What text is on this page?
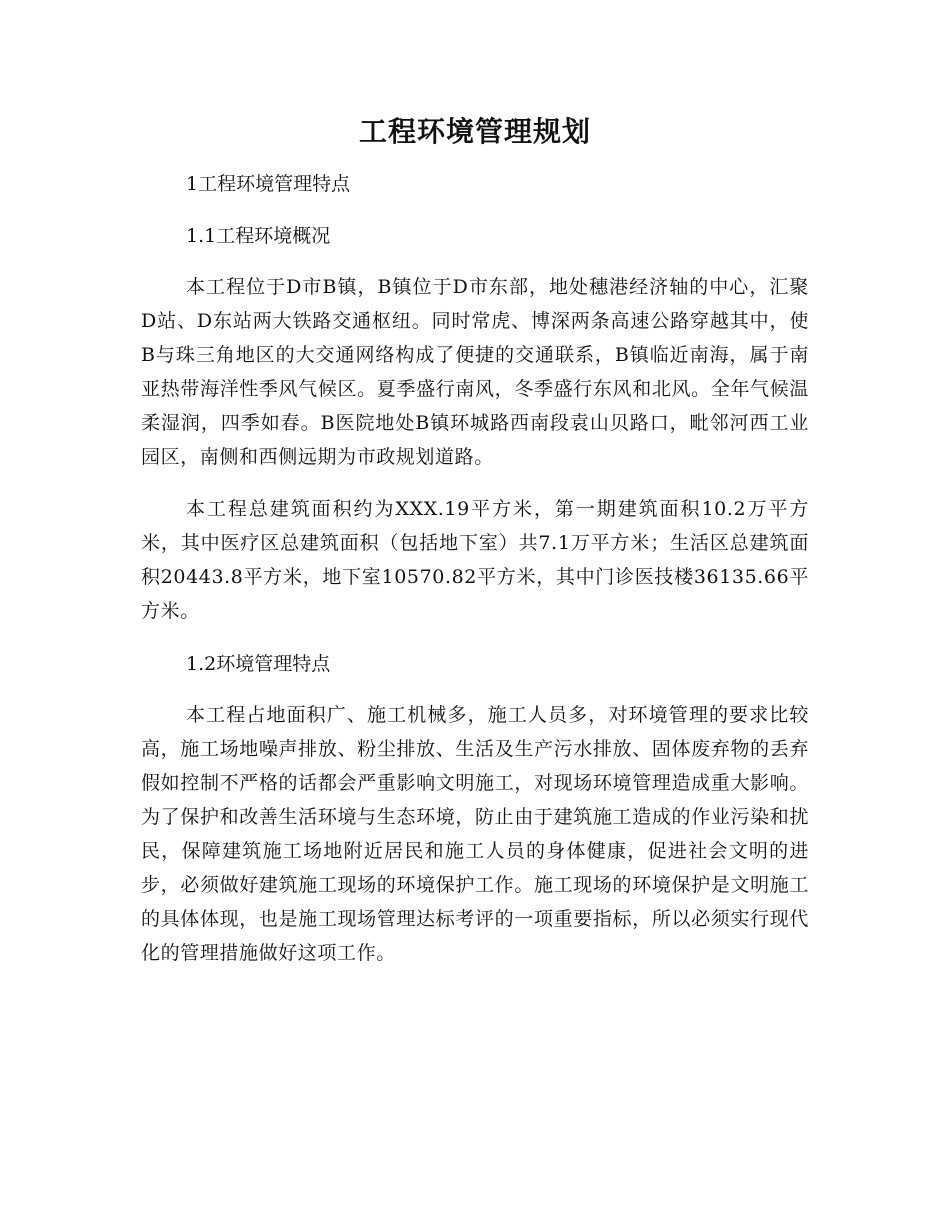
工程环境管理规划

1工程环境管理特点

1.1工程环境概况

本工程位于D市B镇，B镇位于D市东部，地处穗港经济轴的中心，汇聚D站、D东站两大铁路交通枢纽。同时常虎、博深两条高速公路穿越其中，使B与珠三角地区的大交通网络构成了便捷的交通联系，B镇临近南海，属于南亚热带海洋性季风气候区。夏季盛行南风，冬季盛行东风和北风。全年气候温柔湿润，四季如春。B医院地处B镇环城路西南段袁山贝路口，毗邻河西工业园区，南侧和西侧远期为市政规划道路。

本工程总建筑面积约为XXX.19平方米，第一期建筑面积10.2万平方米，其中医疗区总建筑面积（包括地下室）共7.1万平方米；生活区总建筑面积20443.8平方米，地下室10570.82平方米，其中门诊医技楼36135.66平方米。

1.2环境管理特点

本工程占地面积广、施工机械多，施工人员多，对环境管理的要求比较高，施工场地噪声排放、粉尘排放、生活及生产污水排放、固体废弃物的丢弃假如控制不严格的话都会严重影响文明施工，对现场环境管理造成重大影响。为了保护和改善生活环境与生态环境，防止由于建筑施工造成的作业污染和扰民，保障建筑施工场地附近居民和施工人员的身体健康，促进社会文明的进步，必须做好建筑施工现场的环境保护工作。施工现场的环境保护是文明施工的具体体现，也是施工现场管理达标考评的一项重要指标，所以必须实行现代化的管理措施做好这项工作。
